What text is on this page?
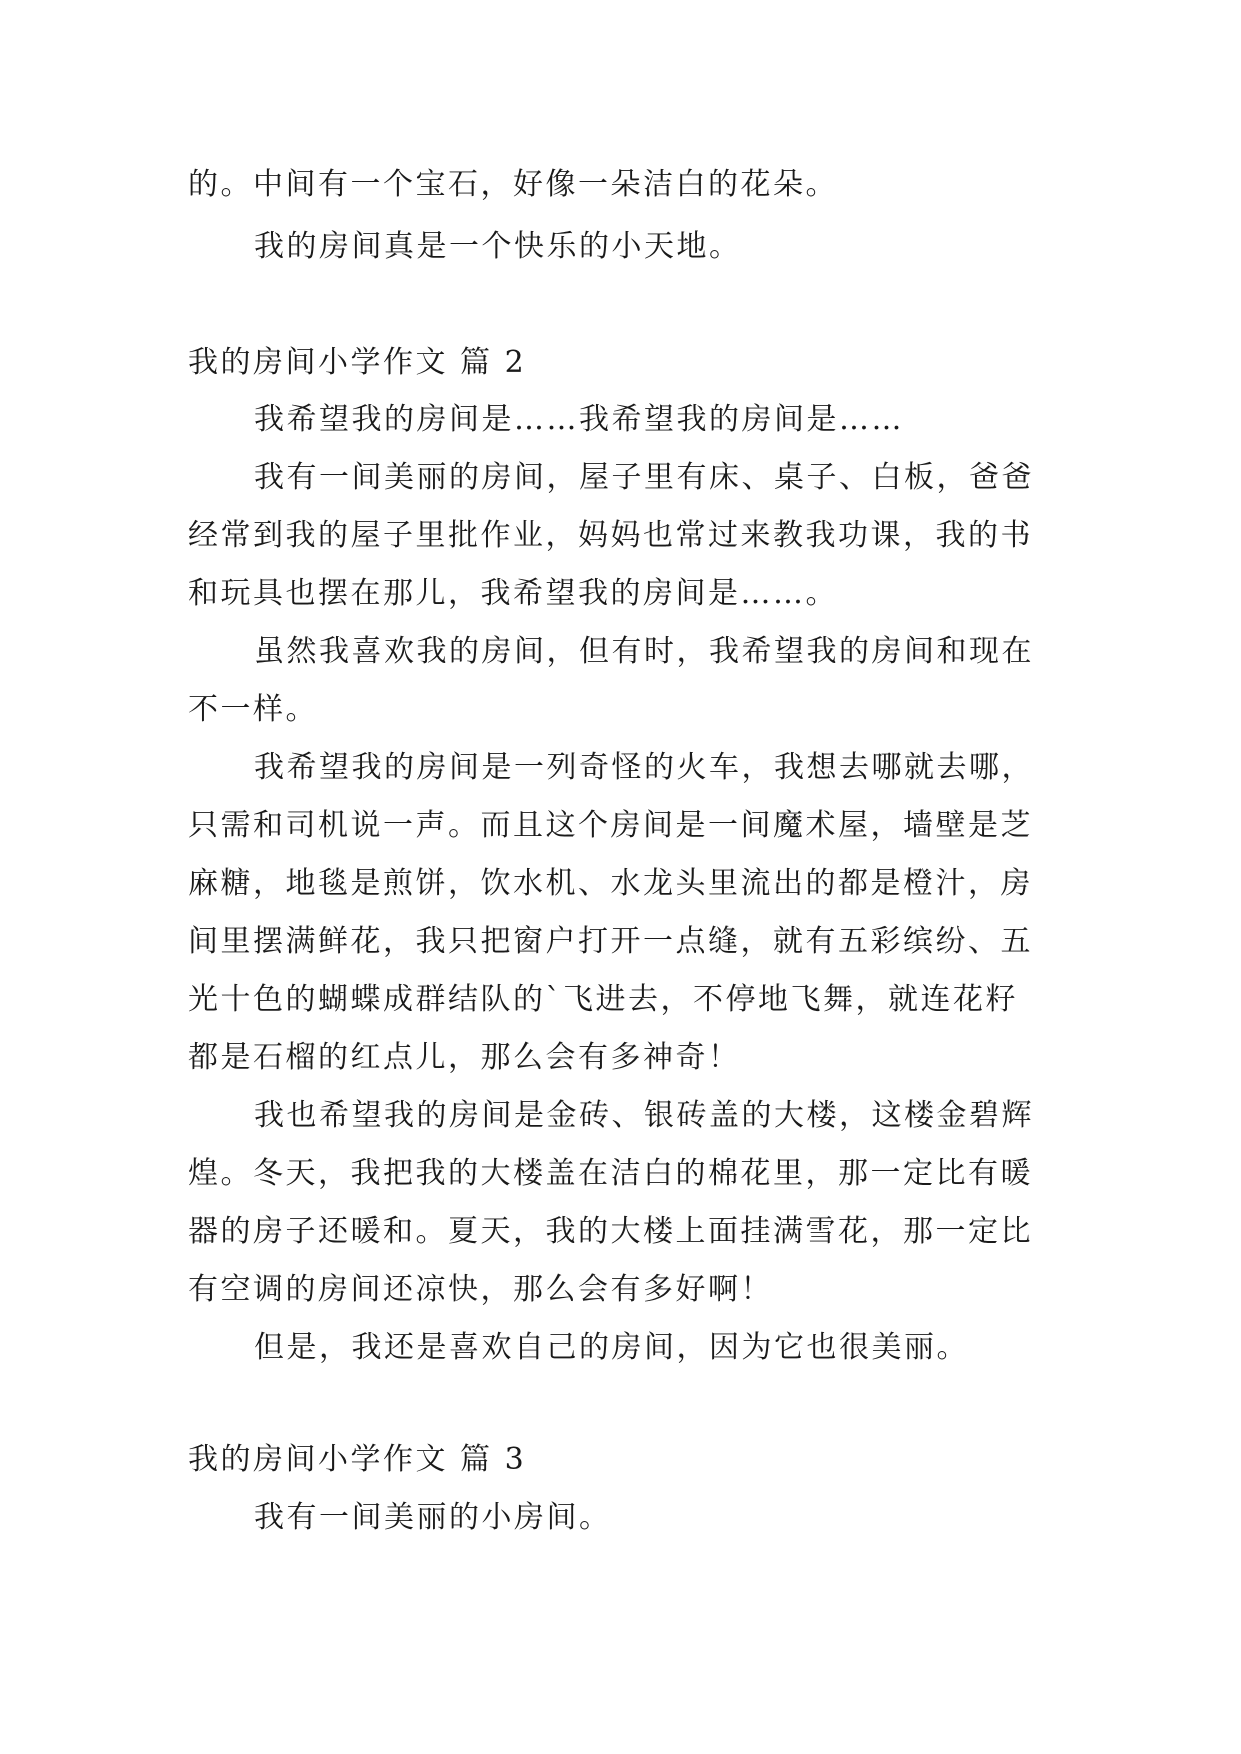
的。中间有一个宝石，好像一朵洁白的花朵。
我的房间真是一个快乐的小天地。
我的房间小学作文 篇 2
我希望我的房间是……我希望我的房间是……
我有一间美丽的房间，屋子里有床、桌子、白板，爸爸
经常到我的屋子里批作业，妈妈也常过来教我功课，我的书
和玩具也摆在那儿，我希望我的房间是……。
虽然我喜欢我的房间，但有时，我希望我的房间和现在
不一样。
我希望我的房间是一列奇怪的火车，我想去哪就去哪，
只需和司机说一声。而且这个房间是一间魔术屋，墙壁是芝
麻糖，地毯是煎饼，饮水机、水龙头里流出的都是橙汁，房
间里摆满鲜花，我只把窗户打开一点缝，就有五彩缤纷、五
光十色的蝴蝶成群结队的`飞进去，不停地飞舞，就连花籽
都是石榴的红点儿，那么会有多神奇！
我也希望我的房间是金砖、银砖盖的大楼，这楼金碧辉
煌。冬天，我把我的大楼盖在洁白的棉花里，那一定比有暖
器的房子还暖和。夏天，我的大楼上面挂满雪花，那一定比
有空调的房间还凉快，那么会有多好啊！
但是，我还是喜欢自己的房间，因为它也很美丽。
我的房间小学作文 篇 3
我有一间美丽的小房间。
